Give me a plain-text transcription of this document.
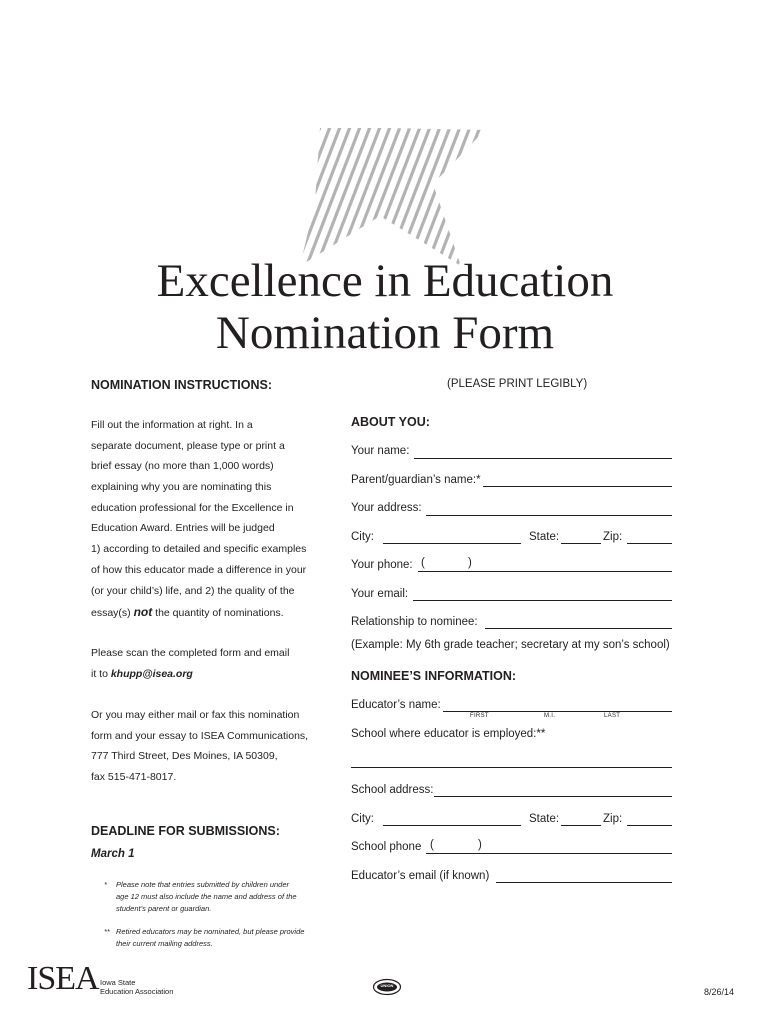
Excellence in Education
Nomination Form
NOMINATION INSTRUCTIONS:
Fill out the information at right. In a
separate document, please type or print a
brief essay (no more than 1,000 words)
explaining why you are nominating this
education professional for the Excellence in
Education Award. Entries will be judged
1) according to detailed and specific examples
of how this educator made a difference in your
(or your child’s) life, and 2) the quality of the
essay(s) not the quantity of nominations.
Please scan the completed form and email
it to khupp@isea.org
Or you may either mail or fax this nomination
form and your essay to ISEA Communications,
777 Third Street, Des Moines, IA 50309,
fax 515-471-8017.
DEADLINE FOR SUBMISSIONS:
March 1
* Please note that entries submitted by children under
age 12 must also include the name and address of the
student’s parent or guardian.
** Retired educators may be nominated, but please provide
their current mailing address.
(PLEASE PRINT LEGIBLY)
ABOUT YOU:
Your name:
Parent/guardian’s name:*
Your address:
City:	State:	Zip:
Your phone: (	)
Your email:
Relationship to nominee:
(Example: My 6th grade teacher; secretary at my son’s school)
NOMINEE’S INFORMATION:
Educator’s name:
FIRST	M.I.	LAST
School where educator is employed:**
School address:
City:	State:	Zip:
School phone (	)
Educator’s email (if known)
ISEA Iowa State
Education Association
UNION
8/26/14
